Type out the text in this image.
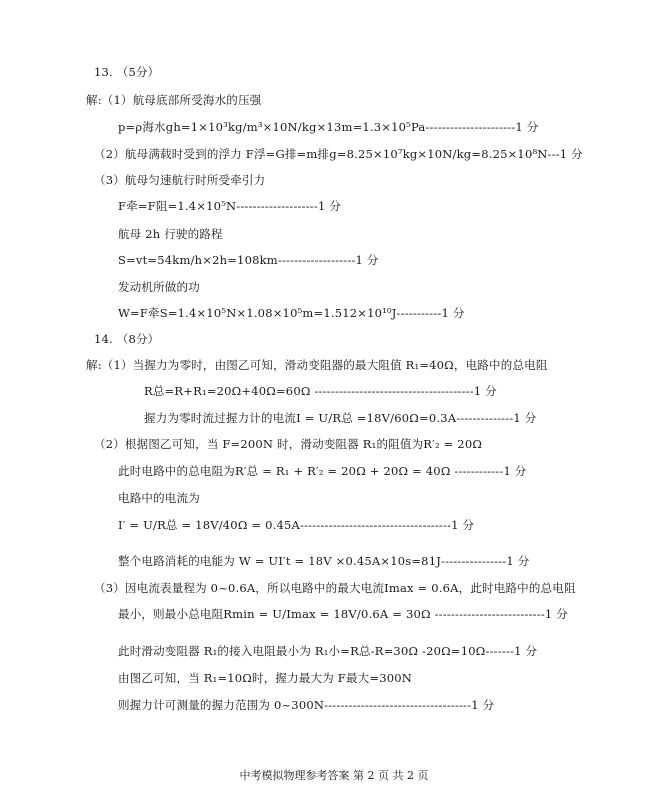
13. （5分）
解:（1）航母底部所受海水的压强
p=ρ海水gh=1×10³kg/m³×10N/kg×13m=1.3×10⁵Pa----------------------1 分
（2）航母满载时受到的浮力 F浮=G排=m排g=8.25×10⁷kg×10N/kg=8.25×10⁸N---1 分
（3）航母匀速航行时所受牵引力
F牵=F阻=1.4×10⁵N--------------------1 分
航母 2h 行驶的路程
S=vt=54km/h×2h=108km-------------------1 分
发动机所做的功
W=F牵S=1.4×10⁵N×1.08×10⁵m=1.512×10¹⁰J-----------1 分
14. （8分）
解:（1）当握力为零时，由图乙可知，滑动变阻器的最大阻值 R₁=40Ω，电路中的总电阻
R总=R+R₁=20Ω+40Ω=60Ω ---------------------------------------1 分
握力为零时流过握力计的电流I = U/R总 =18V/60Ω=0.3A--------------1 分
（2）根据图乙可知，当 F=200N 时，滑动变阻器 R₁的阻值为R′₂ = 20Ω
此时电路中的总电阻为R′总 = R₁ + R′₂ = 20Ω + 20Ω = 40Ω ------------1 分
电路中的电流为
I′ = U/R总 = 18V/40Ω = 0.45A-------------------------------------1 分
整个电路消耗的电能为 W = UI′t = 18V ×0.45A×10s=81J----------------1 分
（3）因电流表量程为 0~0.6A，所以电路中的最大电流Imax = 0.6A，此时电路中的总电阻
最小，则最小总电阻Rmin = U/Imax = 18V/0.6A = 30Ω ---------------------------1 分
此时滑动变阻器 R₁的接入电阻最小为 R₁小=R总-R=30Ω -20Ω=10Ω-------1 分
由图乙可知，当 R₁=10Ω时，握力最大为 F最大=300N
则握力计可测量的握力范围为 0~300N------------------------------------1 分
中考模拟物理参考答案 第 2 页 共 2 页
